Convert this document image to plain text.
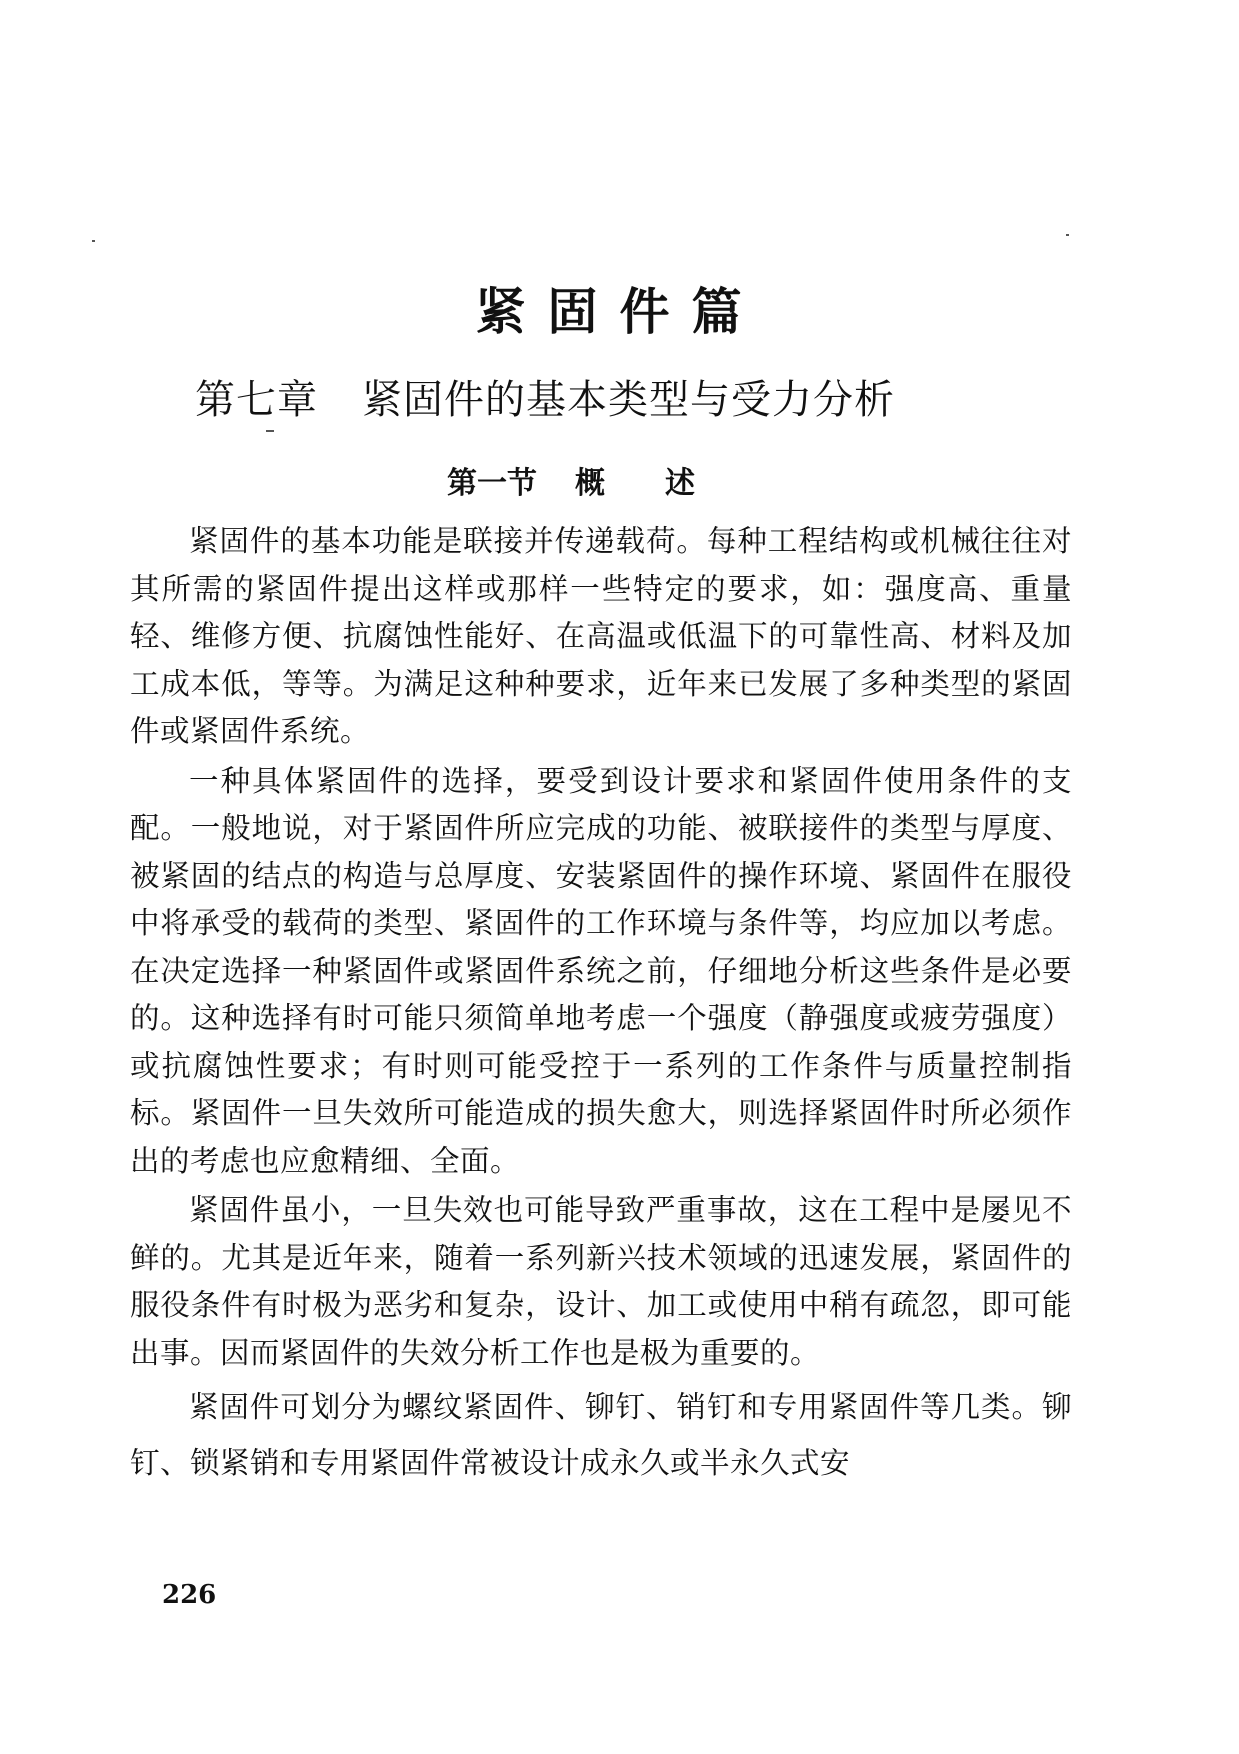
紧固件篇
第七章 紧固件的基本类型与受力分析
第一节 概述

紧固件的基本功能是联接并传递载荷。每种工程结构或机械往往对其所需的紧固件提出这样或那样一些特定的要求，如：强度高、重量轻、维修方便、抗腐蚀性能好、在高温或低温下的可靠性高、材料及加工成本低，等等。为满足这种种要求，近年来已发展了多种类型的紧固件或紧固件系统。

一种具体紧固件的选择，要受到设计要求和紧固件使用条件的支配。一般地说，对于紧固件所应完成的功能、被联接件的类型与厚度、被紧固的结点的构造与总厚度、安装紧固件的操作环境、紧固件在服役中将承受的载荷的类型、紧固件的工作环境与条件等，均应加以考虑。在决定选择一种紧固件或紧固件系统之前，仔细地分析这些条件是必要的。这种选择有时可能只须简单地考虑一个强度（静强度或疲劳强度）或抗腐蚀性要求；有时则可能受控于一系列的工作条件与质量控制指标。紧固件一旦失效所可能造成的损失愈大，则选择紧固件时所必须作出的考虑也应愈精细、全面。

紧固件虽小，一旦失效也可能导致严重事故，这在工程中是屡见不鲜的。尤其是近年来，随着一系列新兴技术领域的迅速发展，紧固件的服役条件有时极为恶劣和复杂，设计、加工或使用中稍有疏忽，即可能出事。因而紧固件的失效分析工作也是极为重要的。

紧固件可划分为螺纹紧固件、铆钉、销钉和专用紧固件等几类。铆钉、锁紧销和专用紧固件常被设计成永久或半永久式安

226
